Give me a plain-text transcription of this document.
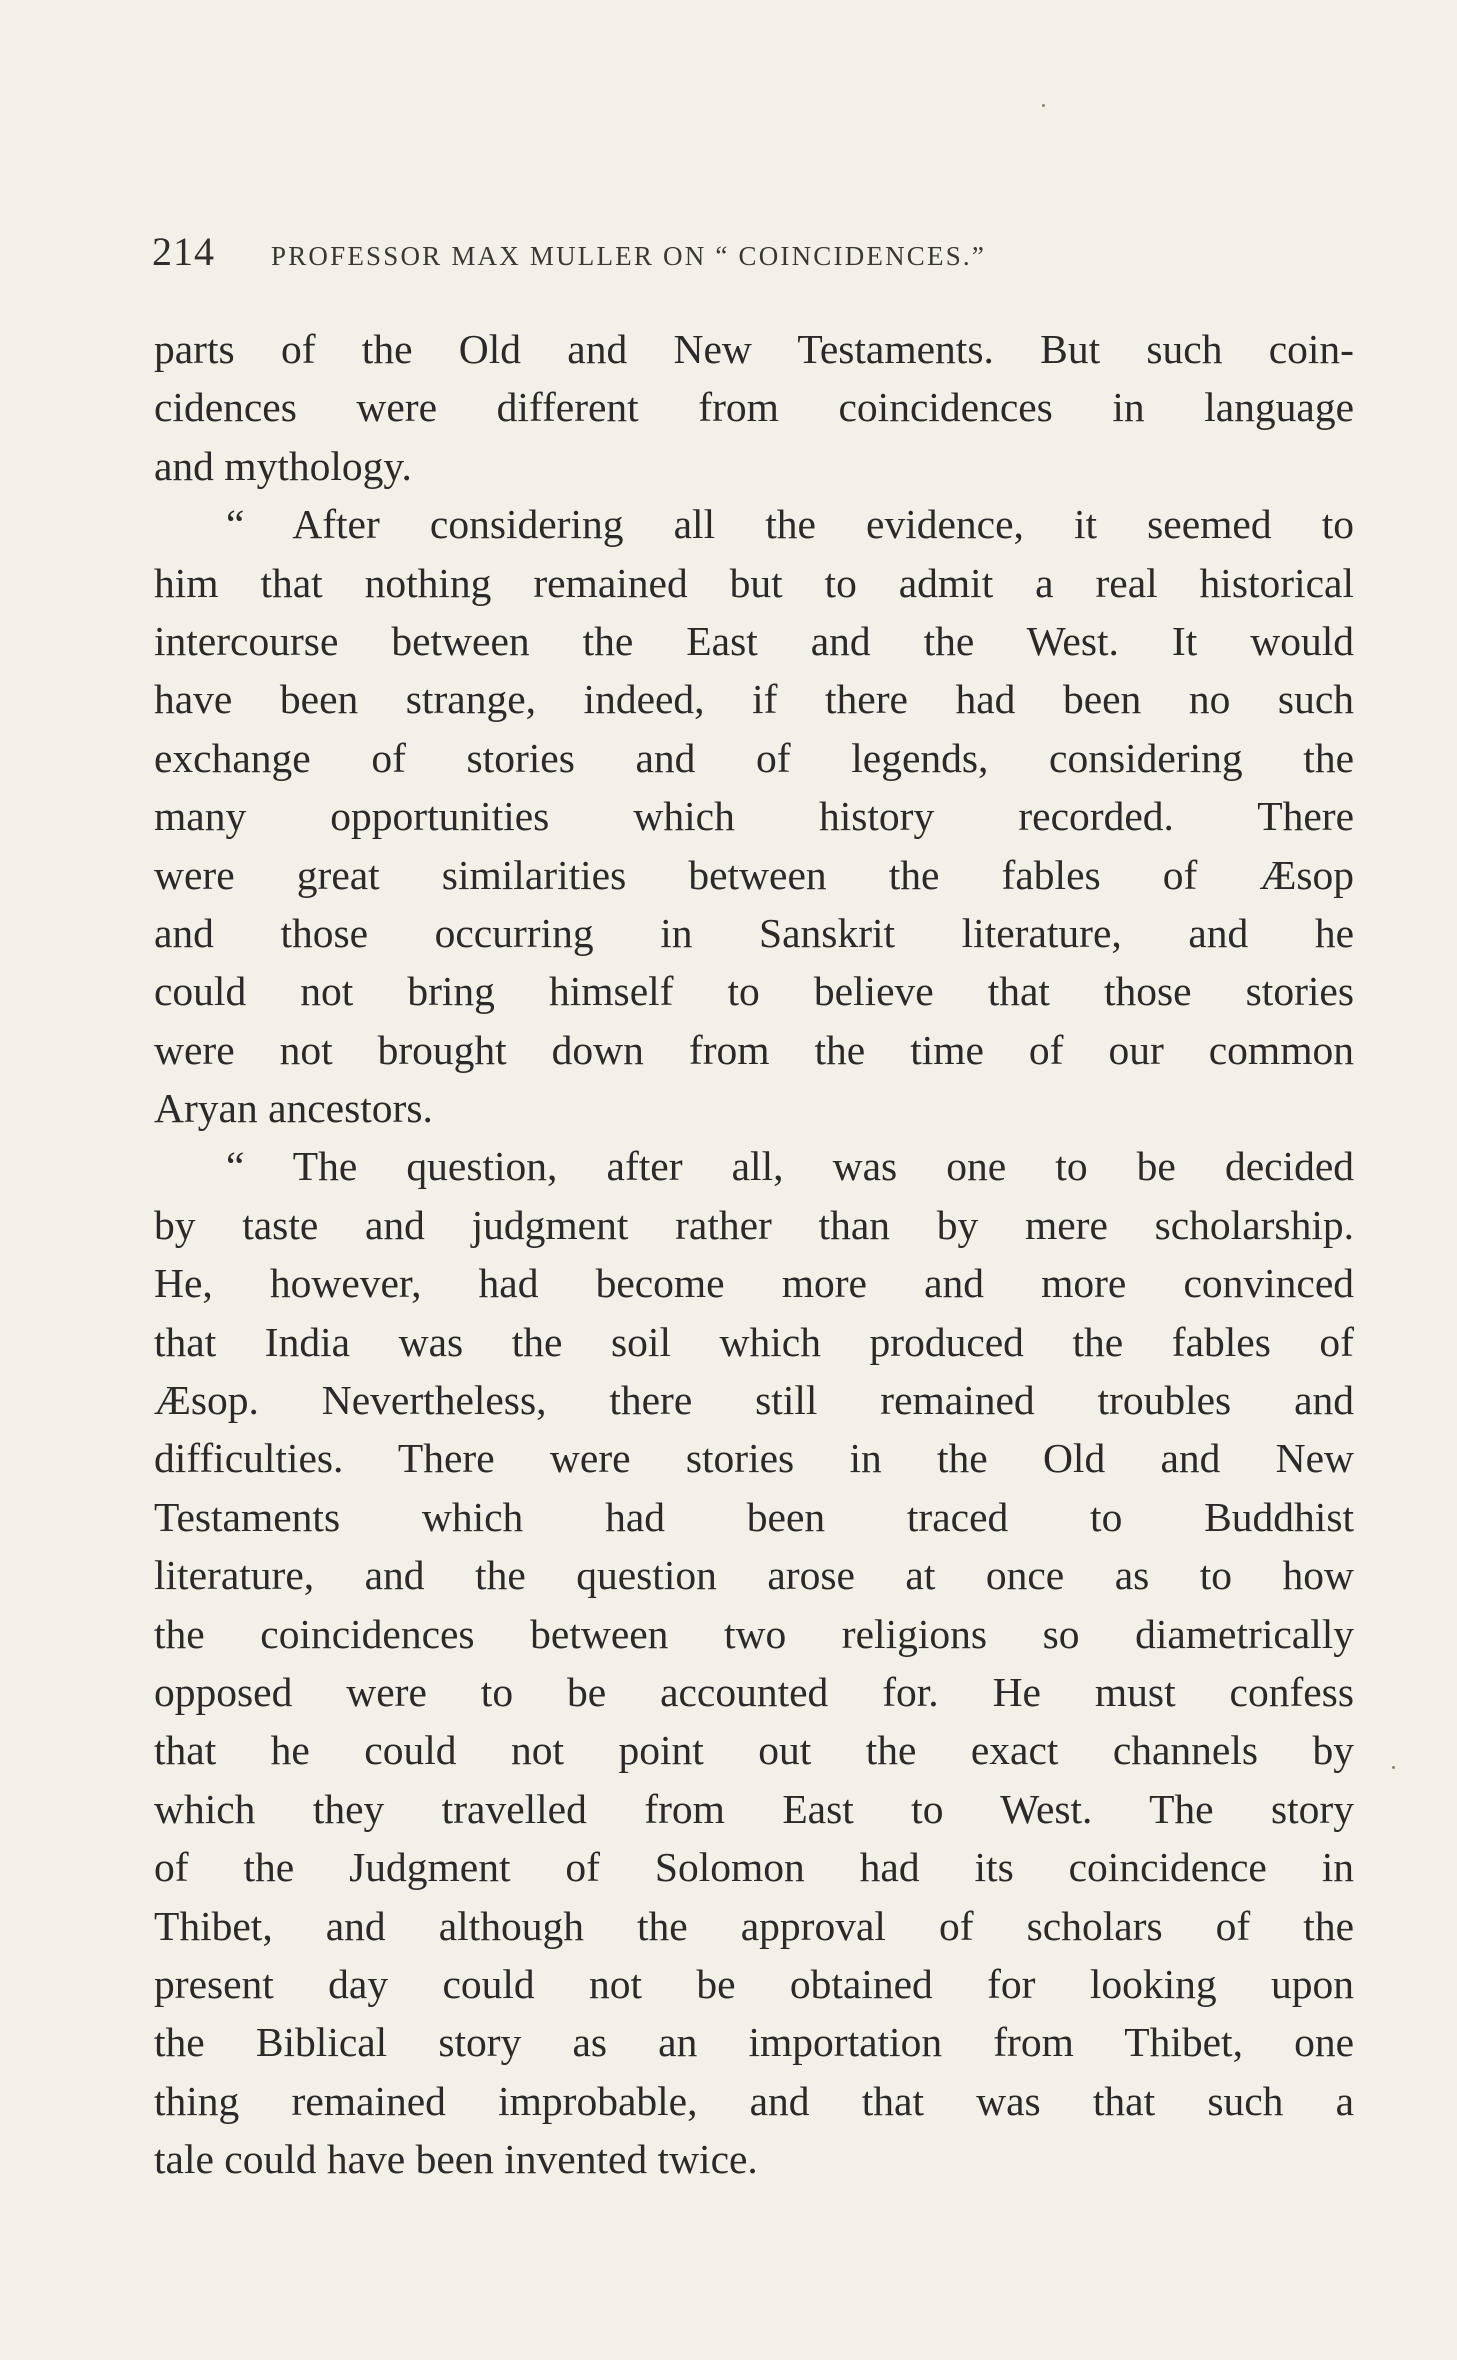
214 PROFESSOR MAX MULLER ON “ COINCIDENCES.”
parts of the Old and New Testaments. But such coin-
cidences were different from coincidences in language
and mythology.
“ After considering all the evidence, it seemed to
him that nothing remained but to admit a real historical
intercourse between the East and the West. It would
have been strange, indeed, if there had been no such
exchange of stories and of legends, considering the
many opportunities which history recorded. There
were great similarities between the fables of Æsop
and those occurring in Sanskrit literature, and he
could not bring himself to believe that those stories
were not brought down from the time of our common
Aryan ancestors.
“ The question, after all, was one to be decided
by taste and judgment rather than by mere scholarship.
He, however, had become more and more convinced
that India was the soil which produced the fables of
Æsop. Nevertheless, there still remained troubles and
difficulties. There were stories in the Old and New
Testaments which had been traced to Buddhist
literature, and the question arose at once as to how
the coincidences between two religions so diametrically
opposed were to be accounted for. He must confess
that he could not point out the exact channels by
which they travelled from East to West. The story
of the Judgment of Solomon had its coincidence in
Thibet, and although the approval of scholars of the
present day could not be obtained for looking upon
the Biblical story as an importation from Thibet, one
thing remained improbable, and that was that such a
tale could have been invented twice.
